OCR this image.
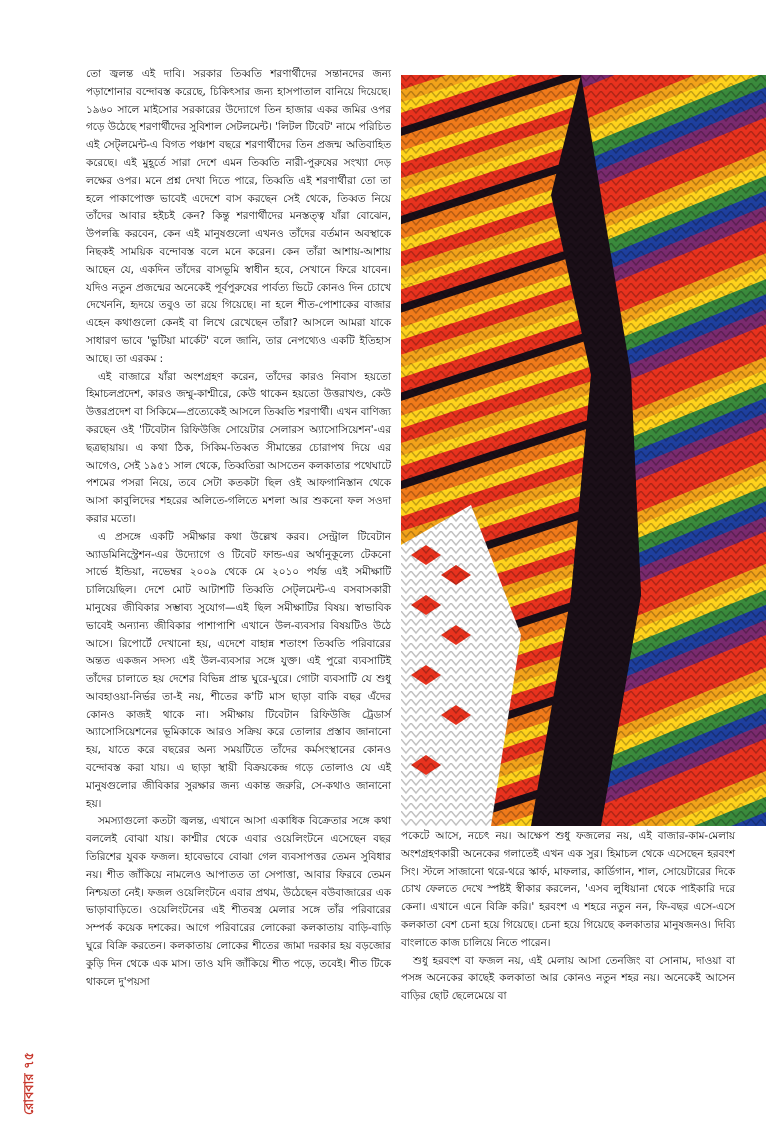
তো জ্বলন্ত এই দাবি। সরকার তিব্বতি শরণার্থীদের সন্তানদের জন্য পড়াশোনার বন্দোবস্ত করেছে, চিকিৎসার জন্য হাসপাতাল বানিয়ে দিয়েছে। ১৯৬০ সালে মাইসোর সরকারের উদ্যোগে তিন হাজার একর জমির ওপর গড়ে উঠেছে শরণার্থীদের সুবিশাল সেটলমেন্ট। 'লিটল টিবেট' নামে পরিচিত এই সেট্‌লমেন্ট-এ বিগত পঞ্চাশ বছরে শরণার্থীদের তিন প্রজন্ম অতিবাহিত করেছে। এই মুহূর্তে সারা দেশে এমন তিব্বতি নারী-পুরুষের সংখ্যা দেড় লক্ষের ওপর। মনে প্রশ্ন দেখা দিতে পারে, তিব্বতি এই শরণার্থীরা তো তা হলে পাকাপোক্ত ভাবেই এদেশে বাস করছেন সেই থেকে, তিব্বত নিয়ে তাঁদের আবার হইচই কেন? কিন্তু শরণার্থীদের মনস্তত্ত্ব যাঁরা বোঝেন, উপলব্ধি করবেন, কেন এই মানুষগুলো এখনও তাঁদের বর্তমান অবস্থাকে নিছকই সাময়িক বন্দোবস্ত বলে মনে করেন। কেন তাঁরা আশায়-আশায় আছেন যে, একদিন তাঁদের বাসভূমি স্বাধীন হবে, সেখানে ফিরে যাবেন। যদিও নতুন প্রজন্মের অনেকেই পূর্বপুরুষের পার্বত্য ভিটে কোনও দিন চোখে দেখেননি, হৃদয়ে তবুও তা রয়ে গিয়েছে। না হলে শীত-পোশাকের বাজার এহেন কথাগুলো কেনই বা লিখে রেখেছেন তাঁরা? আসলে আমরা যাকে সাধারণ ভাবে 'ভুটিয়া মার্কেট' বলে জানি, তার নেপথ্যেও একটি ইতিহাস আছে। তা এরকম :

এই বাজারে যাঁরা অংশগ্রহণ করেন, তাঁদের কারও নিবাস হয়তো হিমাচলপ্রদেশ, কারও জম্মু-কাশ্মীরে, কেউ থাকেন হয়তো উত্তরাখণ্ড, কেউ উত্তরপ্রদেশ বা সিকিমে—প্রত্যেকেই আসলে তিব্বতি শরণার্থী। এখন বাণিজ্য করছেন ওই 'টিবেটান রিফিউজি সোয়েটার সেলারস অ্যাসোসিয়েশন'-এর ছত্রছায়ায়। এ কথা ঠিক, সিকিম-তিব্বত সীমান্তের চোরাপথ দিয়ে এর আগেও, সেই ১৯৫১ সাল থেকে, তিব্বতিরা আসতেন কলকাতার পথেঘাটে পশমের পসরা নিয়ে, তবে সেটা কতকটা ছিল ওই আফগানিস্তান থেকে আসা কাবুলিদের শহরের অলিতে-গলিতে মশলা আর শুকনো ফল সওদা করার মতো।

এ প্রসঙ্গে একটি সমীক্ষার কথা উল্লেখ করব। সেন্ট্রাল টিবেটান অ্যাডমিনিস্ট্রেশন-এর উদ্যোগে ও টিবেট ফান্ড-এর অর্থানুকূল্যে টেকনো সার্ভে ইন্ডিয়া, নভেম্বর ২০০৯ থেকে মে ২০১০ পর্যন্ত এই সমীক্ষাটি চালিয়েছিল। দেশে মোট আটাশটি তিব্বতি সেট্‌লমেন্ট-এ বসবাসকারী মানুষের জীবিকার সম্ভাব্য সুযোগ—এই ছিল সমীক্ষাটির বিষয়। স্বাভাবিক ভাবেই অন্যান্য জীবিকার পাশাপাশি এখানে উল-ব্যবসার বিষয়টিও উঠে আসে। রিপোর্টে দেখানো হয়, এদেশে বাহান্ন শতাংশ তিব্বতি পরিবারের অন্তত একজন সদস্য এই উল-ব্যবসার সঙ্গে যুক্ত। এই পুরো ব্যবসাটিই তাঁদের চালাতে হয় দেশের বিভিন্ন প্রান্ত ঘুরে-ঘুরে। গোটা ব্যবসাটি যে শুধু আবহাওয়া-নির্ভর তা-ই নয়, শীতের ক'টি মাস ছাড়া বাকি বছর এঁদের কোনও কাজই থাকে না। সমীক্ষায় টিবেটান রিফিউজি ট্রেডার্স অ্যাসোসিয়েশনের ভূমিকাকে আরও সক্রিয় করে তোলার প্রস্তাব জানানো হয়, যাতে করে বছরের অন্য সময়টিতে তাঁদের কর্মসংস্থানের কোনও বন্দোবস্ত করা যায়। এ ছাড়া স্থায়ী বিক্রয়কেন্দ্র গড়ে তোলাও যে এই মানুষগুলোর জীবিকার সুরক্ষার জন্য একান্ত জরুরি, সে-কথাও জানানো হয়।

সমস্যাগুলো কতটা জ্বলন্ত, এখানে আসা একাধিক বিক্রেতার সঙ্গে কথা বললেই বোঝা যায়। কাশ্মীর থেকে এবার ওয়েলিংটনে এসেছেন বছর তিরিশের যুবক ফজল। হাবেভাবে বোঝা গেল ব্যবসাপত্তর তেমন সুবিধার নয়। শীত জাঁকিয়ে নামলেও আপাতত তা সেপাত্তা, আবার ফিরবে তেমন নিশ্চয়তা নেই। ফজল ওয়েলিংটনে এবার প্রথম, উঠেছেন বউবাজারের এক ভাড়াবাড়িতে। ওয়েলিংটনের এই শীতবস্ত্র মেলার সঙ্গে তাঁর পরিবারের সম্পর্ক কয়েক দশকের। আগে পরিবারের লোকেরা কলকাতায় বাড়ি-বাড়ি ঘুরে বিক্রি করতেন। কলকাতায় লোকের শীতের জামা দরকার হয় বড়জোর কুড়ি দিন থেকে এক মাস। তাও যদি জাঁকিয়ে শীত পড়ে, তবেই। শীত টিকে থাকলে দু'পয়সা

পকেটে আসে, নচেৎ নয়। আক্ষেপ শুধু ফজলের নয়, এই বাজার-কাম-মেলায় অংশগ্রহণকারী অনেকের গলাতেই এখন এক সুর। হিমাচল থেকে এসেছেন হরবংশ সিং। স্টলে সাজানো থরে-থরে স্কার্ফ, মাফলার, কার্ডিগান, শাল, সোয়েটারের দিকে চোখ ফেলতে দেখে স্পষ্টই স্বীকার করলেন, 'এসব লুধিয়ানা থেকে পাইকারি দরে কেনা। এখানে এনে বিক্রি করি।' হরবংশ এ শহরে নতুন নন, ফি-বছর এসে-এসে কলকাতা বেশ চেনা হয়ে গিয়েছে। চেনা হয়ে গিয়েছে কলকাতার মানুষজনও। দিব্যি বাংলাতে কাজ চালিয়ে নিতে পারেন।

শুধু হরবংশ বা ফজল নয়, এই মেলায় আসা তেনজিং বা সোনাম, দাওয়া বা পসঙ্গ অনেকের কাছেই কলকাতা আর কোনও নতুন শহর নয়। অনেকেই আসেন বাড়ির ছোট ছেলেমেয়ে বা

রোববার ৭৫
